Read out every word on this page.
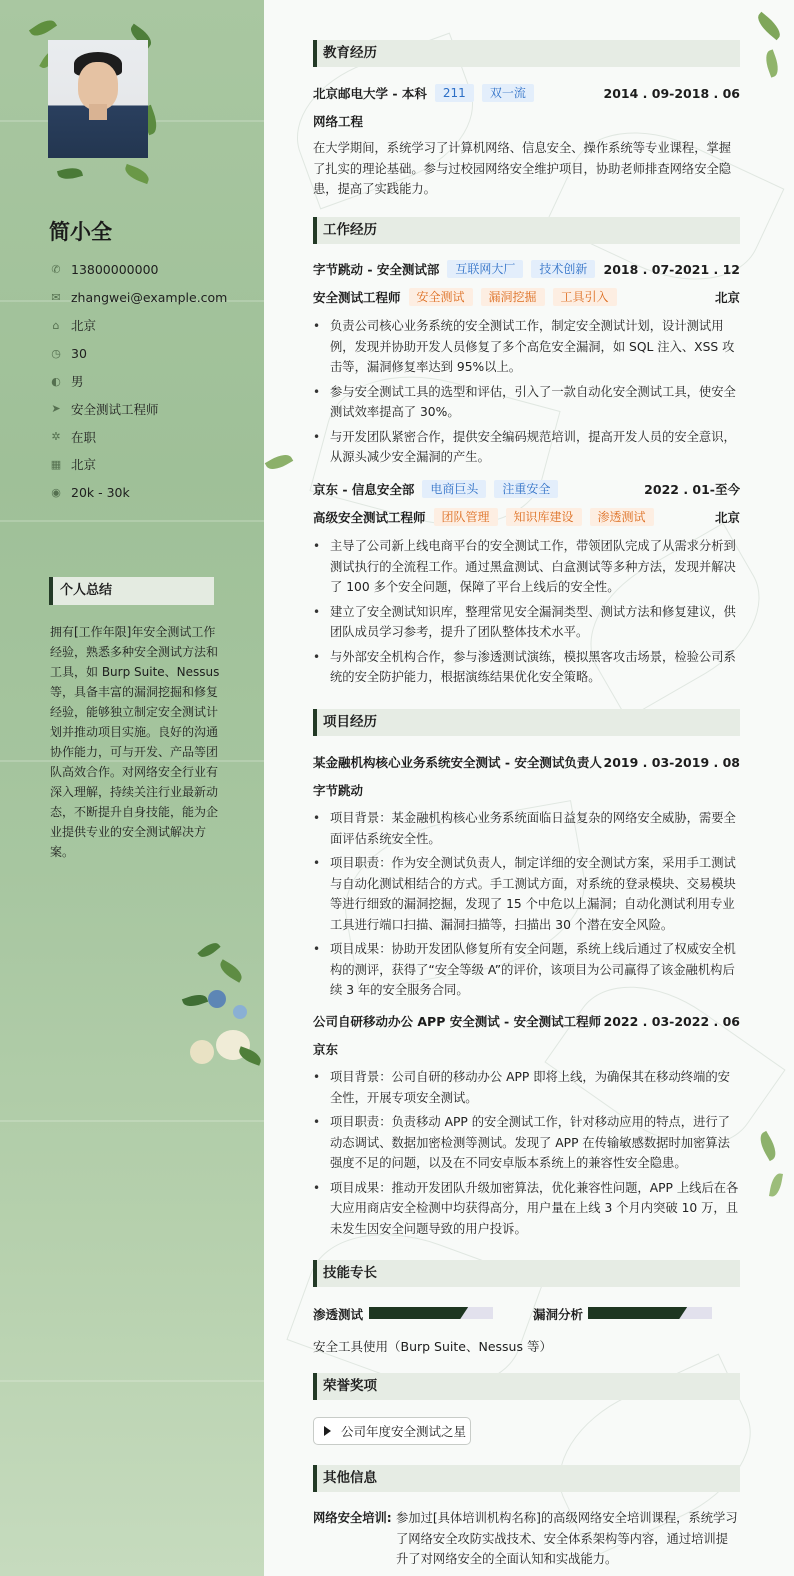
简小全
✆ 13800000000
✉ zhangwei@example.com
⌂ 北京
◷ 30
◐ 男
➤ 安全测试工程师
✲ 在职
▦ 北京
◉ 20k - 30k
个人总结
拥有[工作年限]年安全测试工作经验，熟悉多种安全测试方法和工具，如 Burp Suite、Nessus 等，具备丰富的漏洞挖掘和修复经验，能够独立制定安全测试计划并推动项目实施。良好的沟通协作能力，可与开发、产品等团队高效合作。对网络安全行业有深入理解，持续关注行业最新动态，不断提升自身技能，能为企业提供专业的安全测试解决方案。
教育经历
北京邮电大学 - 本科	211	双一流	2014 . 09-2018 . 06
网络工程
在大学期间，系统学习了计算机网络、信息安全、操作系统等专业课程，掌握了扎实的理论基础。参与过校园网络安全维护项目，协助老师排查网络安全隐患，提高了实践能力。
工作经历
字节跳动 - 安全测试部	互联网大厂	技术创新	2018 . 07-2021 . 12
安全测试工程师	安全测试	漏洞挖掘	工具引入	北京
• 负责公司核心业务系统的安全测试工作，制定安全测试计划，设计测试用例，发现并协助开发人员修复了多个高危安全漏洞，如 SQL 注入、XSS 攻击等，漏洞修复率达到 95%以上。
• 参与安全测试工具的选型和评估，引入了一款自动化安全测试工具，使安全测试效率提高了 30%。
• 与开发团队紧密合作，提供安全编码规范培训，提高开发人员的安全意识，从源头减少安全漏洞的产生。
京东 - 信息安全部	电商巨头	注重安全	2022 . 01-至今
高级安全测试工程师	团队管理	知识库建设	渗透测试	北京
• 主导了公司新上线电商平台的安全测试工作，带领团队完成了从需求分析到测试执行的全流程工作。通过黑盒测试、白盒测试等多种方法，发现并解决了 100 多个安全问题，保障了平台上线后的安全性。
• 建立了安全测试知识库，整理常见安全漏洞类型、测试方法和修复建议，供团队成员学习参考，提升了团队整体技术水平。
• 与外部安全机构合作，参与渗透测试演练，模拟黑客攻击场景，检验公司系统的安全防护能力，根据演练结果优化安全策略。
项目经历
某金融机构核心业务系统安全测试 - 安全测试负责人 2019 . 03-2019 . 08
字节跳动
• 项目背景：某金融机构核心业务系统面临日益复杂的网络安全威胁，需要全面评估系统安全性。
• 项目职责：作为安全测试负责人，制定详细的安全测试方案，采用手工测试与自动化测试相结合的方式。手工测试方面，对系统的登录模块、交易模块等进行细致的漏洞挖掘，发现了 15 个中危以上漏洞；自动化测试利用专业工具进行端口扫描、漏洞扫描等，扫描出 30 个潜在安全风险。
• 项目成果：协助开发团队修复所有安全问题，系统上线后通过了权威安全机构的测评，获得了“安全等级 A”的评价，该项目为公司赢得了该金融机构后续 3 年的安全服务合同。
公司自研移动办公 APP 安全测试 - 安全测试工程师 2022 . 03-2022 . 06
京东
• 项目背景：公司自研的移动办公 APP 即将上线，为确保其在移动终端的安全性，开展专项安全测试。
• 项目职责：负责移动 APP 的安全测试工作，针对移动应用的特点，进行了动态调试、数据加密检测等测试。发现了 APP 在传输敏感数据时加密算法强度不足的问题，以及在不同安卓版本系统上的兼容性安全隐患。
• 项目成果：推动开发团队升级加密算法，优化兼容性问题，APP 上线后在各大应用商店安全检测中均获得高分，用户量在上线 3 个月内突破 10 万，且未发生因安全问题导致的用户投诉。
技能专长
渗透测试	漏洞分析
安全工具使用（Burp Suite、Nessus 等）
荣誉奖项
公司年度安全测试之星
其他信息
网络安全培训: 参加过[具体培训机构名称]的高级网络安全培训课程，系统学习了网络安全攻防实战技术、安全体系架构等内容，通过培训提升了对网络安全的全面认知和实战能力。
